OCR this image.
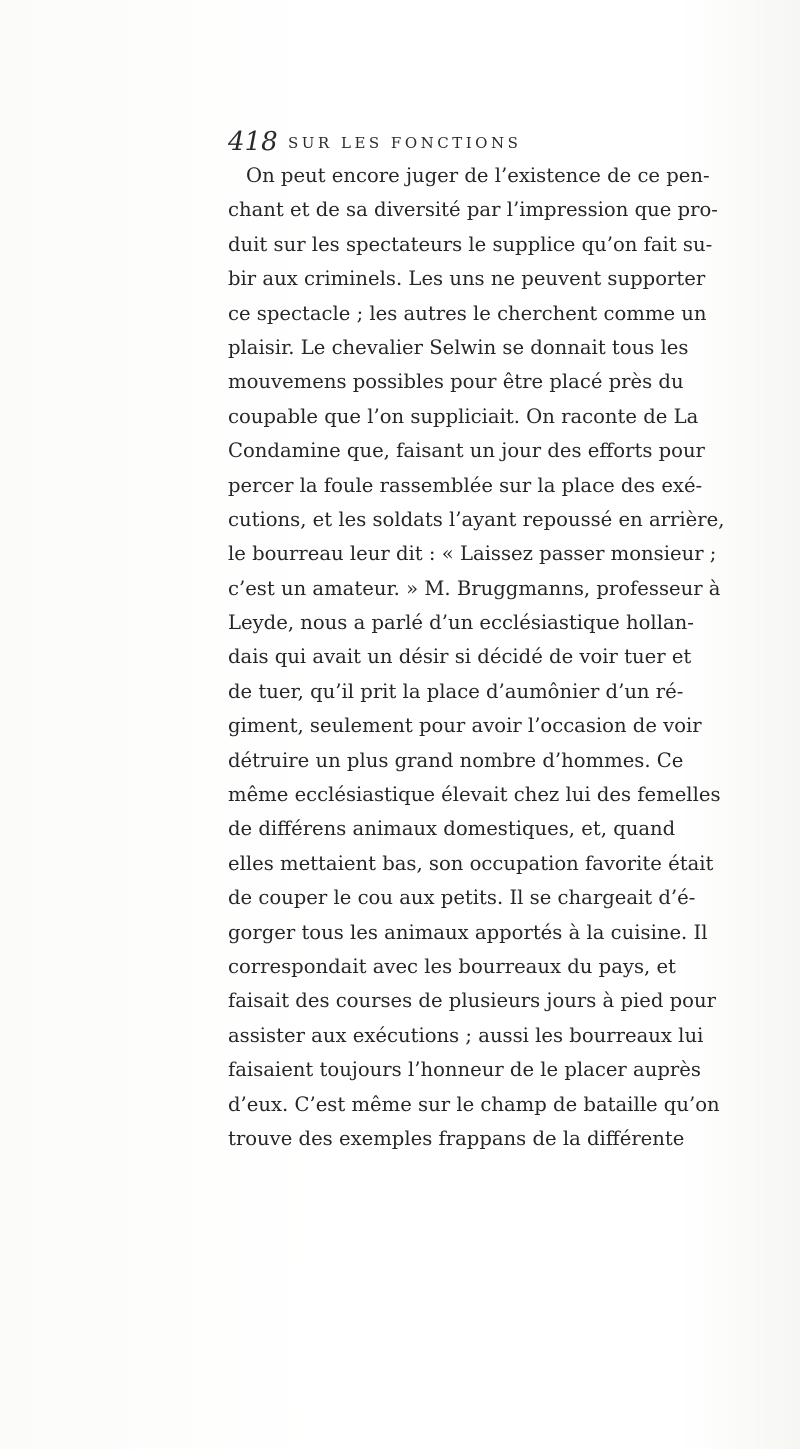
418 SUR LES FONCTIONS
On peut encore juger de l’existence de ce pen-
chant et de sa diversité par l’impression que pro-
duit sur les spectateurs le supplice qu’on fait su-
bir aux criminels. Les uns ne peuvent supporter
ce spectacle ; les autres le cherchent comme un
plaisir. Le chevalier Selwin se donnait tous les
mouvemens possibles pour être placé près du
coupable que l’on suppliciait. On raconte de La
Condamine que, faisant un jour des efforts pour
percer la foule rassemblée sur la place des exé-
cutions, et les soldats l’ayant repoussé en arrière,
le bourreau leur dit : « Laissez passer monsieur ;
c’est un amateur. » M. Bruggmanns, professeur à
Leyde, nous a parlé d’un ecclésiastique hollan-
dais qui avait un désir si décidé de voir tuer et
de tuer, qu’il prit la place d’aumônier d’un ré-
giment, seulement pour avoir l’occasion de voir
détruire un plus grand nombre d’hommes. Ce
même ecclésiastique élevait chez lui des femelles
de différens animaux domestiques, et, quand
elles mettaient bas, son occupation favorite était
de couper le cou aux petits. Il se chargeait d’é-
gorger tous les animaux apportés à la cuisine. Il
correspondait avec les bourreaux du pays, et
faisait des courses de plusieurs jours à pied pour
assister aux exécutions ; aussi les bourreaux lui
faisaient toujours l’honneur de le placer auprès
d’eux. C’est même sur le champ de bataille qu’on
trouve des exemples frappans de la différente
